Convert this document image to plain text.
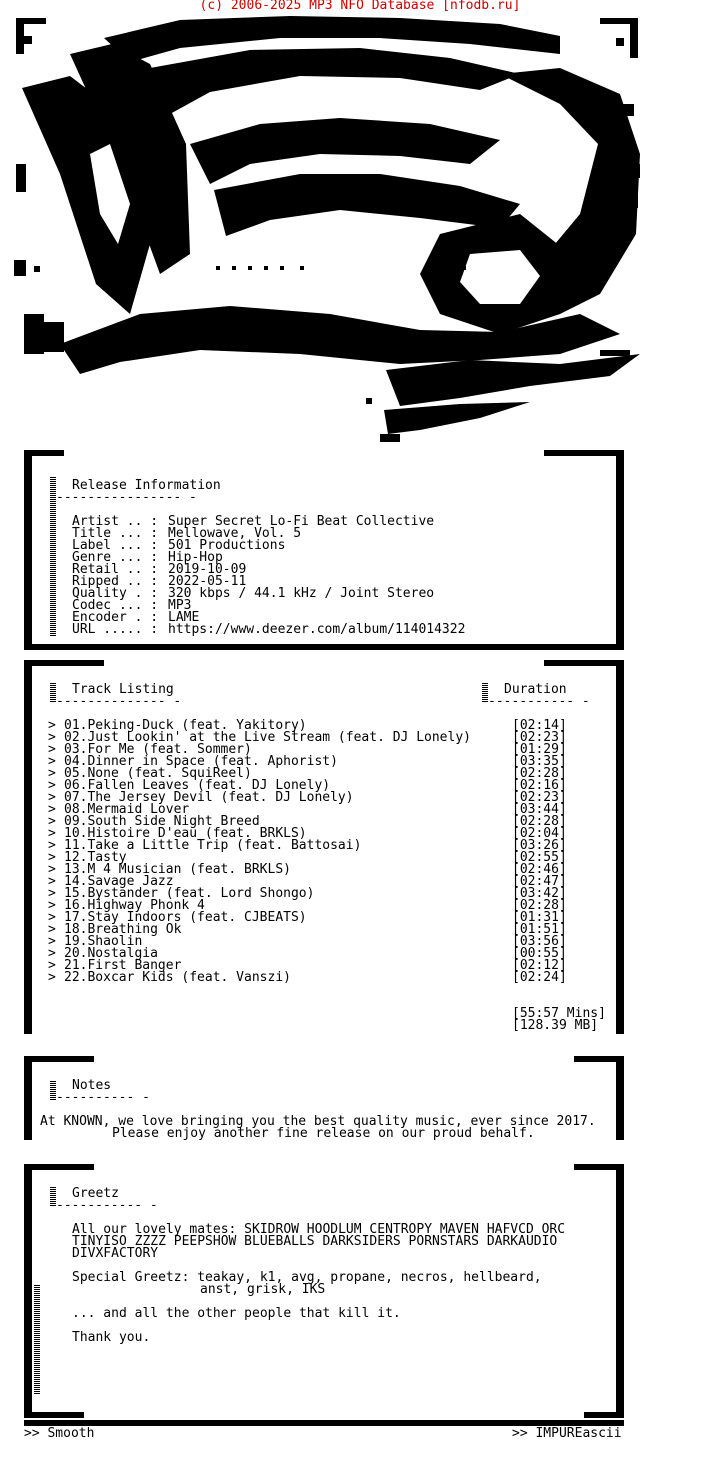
(c) 2006-2025 MP3 NFO Database [nfodb.ru]
sM
Release Information
---------------- -
Artist .. : Super Secret Lo-Fi Beat Collective
Title ... : Mellowave, Vol. 5
Label ... : 501 Productions
Genre ... : Hip-Hop
Retail .. : 2019-10-09
Ripped .. : 2022-05-11
Quality . : 320 kbps / 44.1 kHz / Joint Stereo
Codec ... : MP3
Encoder . : LAME
URL ..... : https://www.deezer.com/album/114014322
Track Listing	Duration
-------------- -	----------- -
> 01.Peking-Duck (feat. Yakitory)	[02:14]
> 02.Just Lookin' at the Live Stream (feat. DJ Lonely)	[02:23]
> 03.For Me (feat. Sommer)	[01:29]
> 04.Dinner in Space (feat. Aphorist)	[03:35]
> 05.None (feat. SquiReel)	[02:28]
> 06.Fallen Leaves (feat. DJ Lonely)	[02:16]
> 07.The Jersey Devil (feat. DJ Lonely)	[02:23]
> 08.Mermaid Lover	[03:44]
> 09.South Side Night Breed	[02:28]
> 10.Histoire D'eau (feat. BRKLS)	[02:04]
> 11.Take a Little Trip (feat. Battosai)	[03:26]
> 12.Tasty	[02:55]
> 13.M 4 Musician (feat. BRKLS)	[02:46]
> 14.Savage Jazz	[02:47]
> 15.Bystander (feat. Lord Shongo)	[03:42]
> 16.Highway Phonk 4	[02:28]
> 17.Stay Indoors (feat. CJBEATS)	[01:31]
> 18.Breathing Ok	[01:51]
> 19.Shaolin	[03:56]
> 20.Nostalgia	[00:55]
> 21.First Banger	[02:12]
> 22.Boxcar Kids (feat. Vanszi)	[02:24]
[55:57 Mins]
[128.39 MB]
Notes
---------- -
At KNOWN, we love bringing you the best quality music, ever since 2017.
Please enjoy another fine release on our proud behalf.
Greetz
----------- -
All our lovely mates: SKIDROW HOODLUM CENTROPY MAVEN HAFVCD ORC
TINYISO ZZZZ PEEPSHOW BLUEBALLS DARKSIDERS PORNSTARS DARKAUDIO
DIVXFACTORY
Special Greetz: teakay, k1, avg, propane, necros, hellbeard,
anst, grisk, IKS
... and all the other people that kill it.
Thank you.
>> Smooth	>> IMPUREascii
